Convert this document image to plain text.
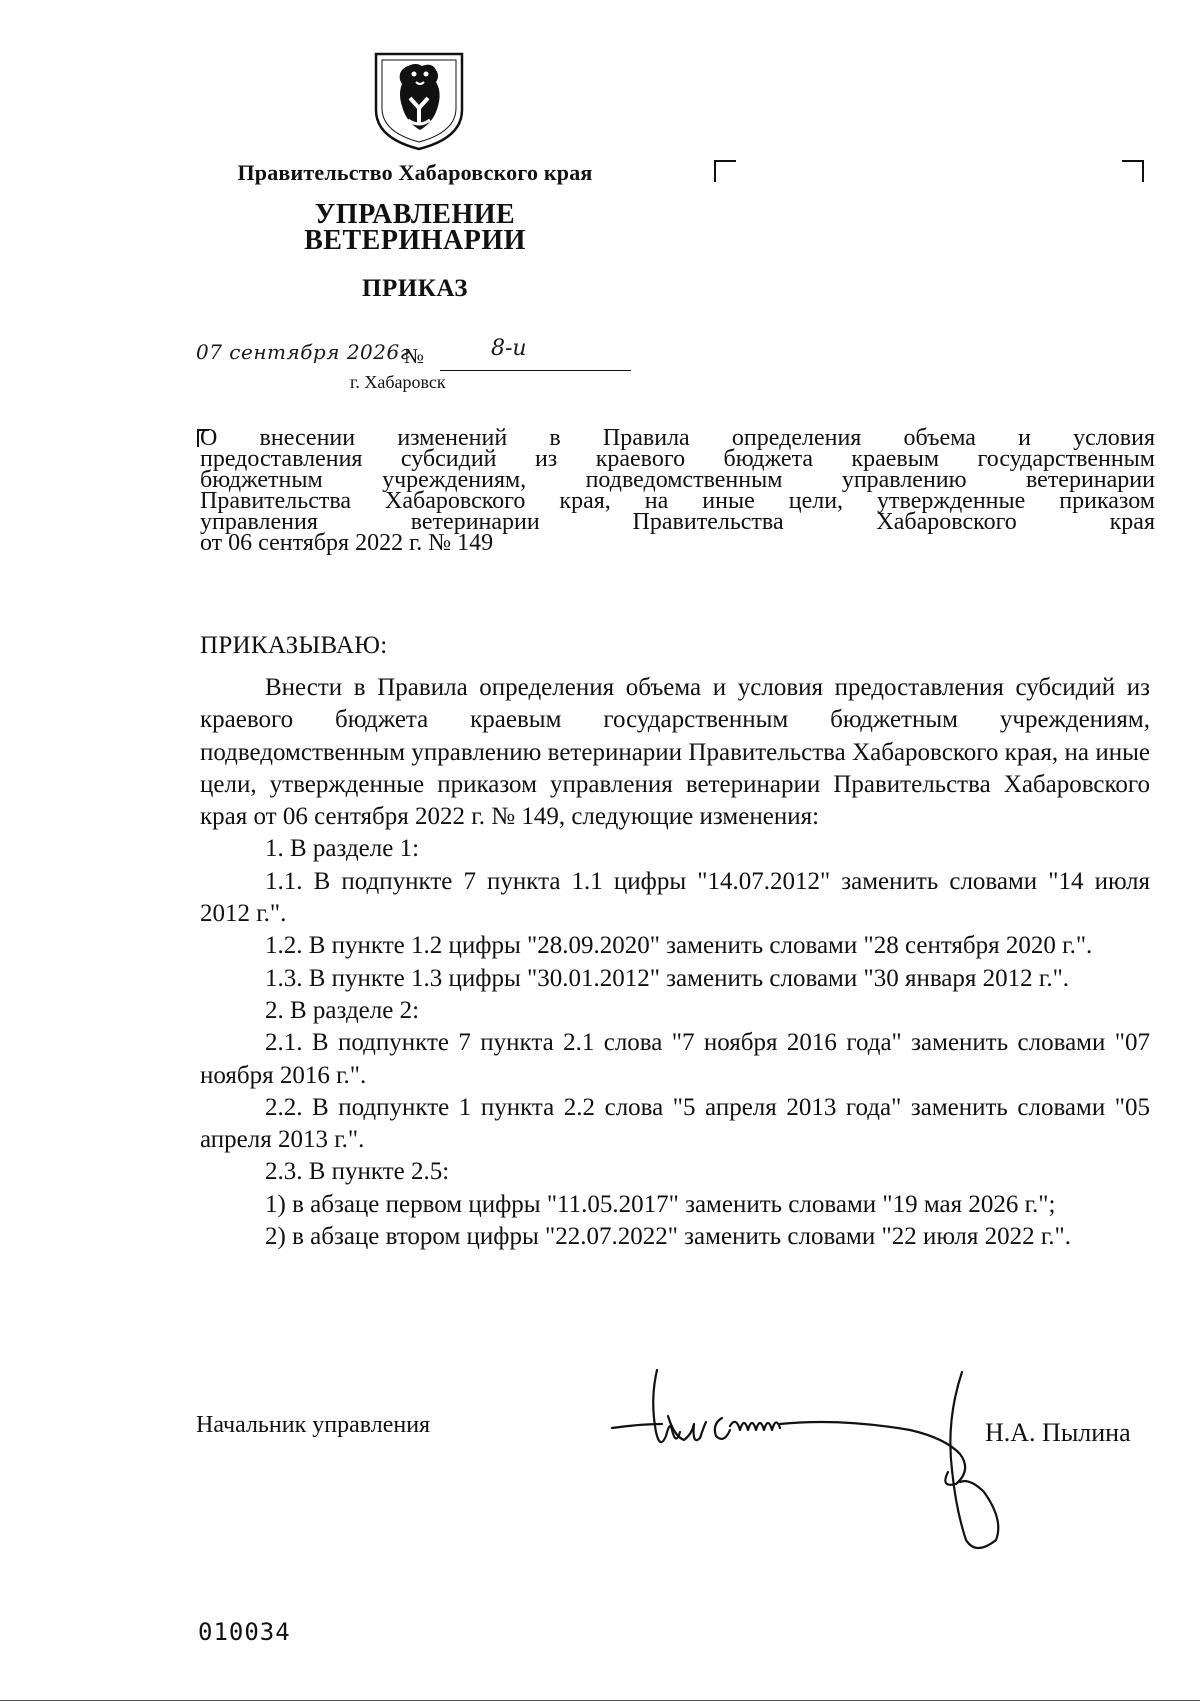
Правительство Хабаровского края
УПРАВЛЕНИЕ
ВЕТЕРИНАРИИ
ПРИКАЗ
07 сентября 2026г
№	8-и
г. Хабаровск

О внесении изменений в Правила определения объема и условия

предоставления субсидий из краевого бюджета краевым государственным

бюджетным учреждениям, подведомственным управлению ветеринарии

Правительства Хабаровского края, на иные цели, утвержденные приказом

управления ветеринарии Правительства Хабаровского края

от 06 сентября 2022 г. № 149

ПРИКАЗЫВАЮ:

Внести в Правила определения объема и условия предоставления субсидий из краевого бюджета краевым государственным бюджетным учреждениям, подведомственным управлению ветеринарии Правительства Хабаровского края, на иные цели, утвержденные приказом управления ветеринарии Правительства Хабаровского края от 06 сентября 2022 г. № 149, следующие изменения:

1. В разделе 1:

1.1. В подпункте 7 пункта 1.1 цифры "14.07.2012" заменить словами "14 июля 2012 г.".

1.2. В пункте 1.2 цифры "28.09.2020" заменить словами "28 сентября 2020 г.".

1.3. В пункте 1.3 цифры "30.01.2012" заменить словами "30 января 2012 г.".

2. В разделе 2:

2.1. В подпункте 7 пункта 2.1 слова "7 ноября 2016 года" заменить словами "07 ноября 2016 г.".

2.2. В подпункте 1 пункта 2.2 слова "5 апреля 2013 года" заменить словами "05 апреля 2013 г.".

2.3. В пункте 2.5:

1) в абзаце первом цифры "11.05.2017" заменить словами "19 мая 2026 г.";

2) в абзаце втором цифры "22.07.2022" заменить словами "22 июля 2022 г.".

Начальник управления	Н.А. Пылина
010034
